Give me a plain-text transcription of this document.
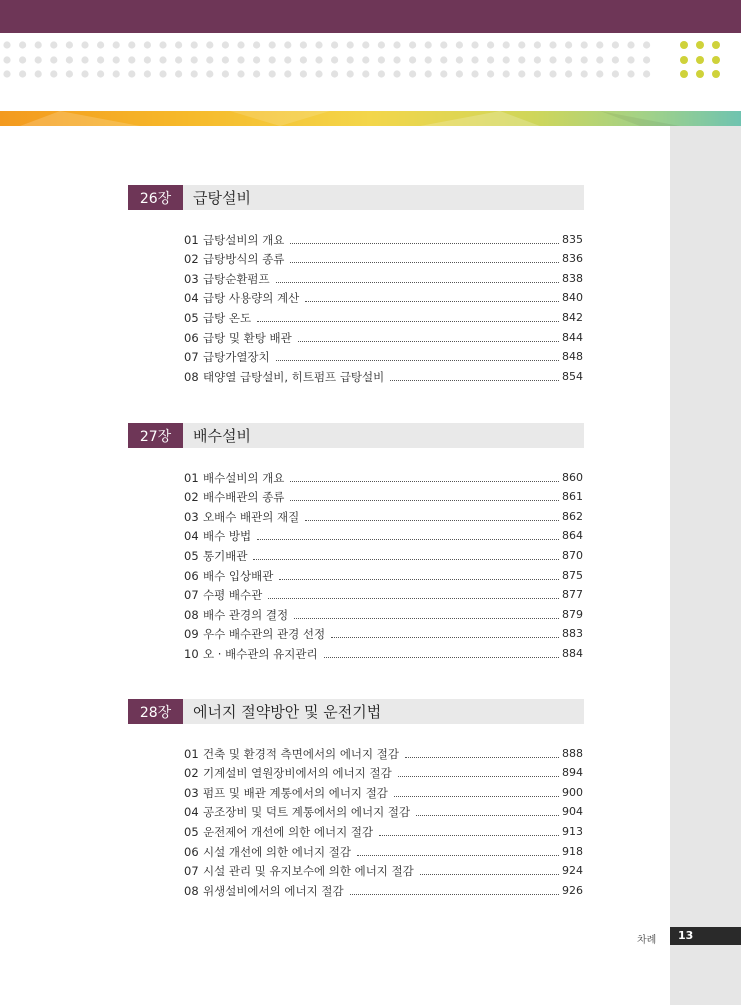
26장	급탕설비
01 급탕설비의 개요	835
02 급탕방식의 종류	836
03 급탕순환펌프	838
04 급탕 사용량의 계산	840
05 급탕 온도	842
06 급탕 및 환탕 배관	844
07 급탕가열장치	848
08 태양열 급탕설비, 히트펌프 급탕설비	854
27장	배수설비
01 배수설비의 개요	860
02 배수배관의 종류	861
03 오배수 배관의 재질	862
04 배수 방법	864
05 통기배관	870
06 배수 입상배관	875
07 수평 배수관	877
08 배수 관경의 결정	879
09 우수 배수관의 관경 선정	883
10 오 · 배수관의 유지관리	884
28장	에너지 절약방안 및 운전기법
01 건축 및 환경적 측면에서의 에너지 절감	888
02 기계설비 열원장비에서의 에너지 절감	894
03 펌프 및 배관 계통에서의 에너지 절감	900
04 공조장비 및 덕트 계통에서의 에너지 절감	904
05 운전제어 개선에 의한 에너지 절감	913
06 시설 개선에 의한 에너지 절감	918
07 시설 관리 및 유지보수에 의한 에너지 절감	924
08 위생설비에서의 에너지 절감	926
차례	13
